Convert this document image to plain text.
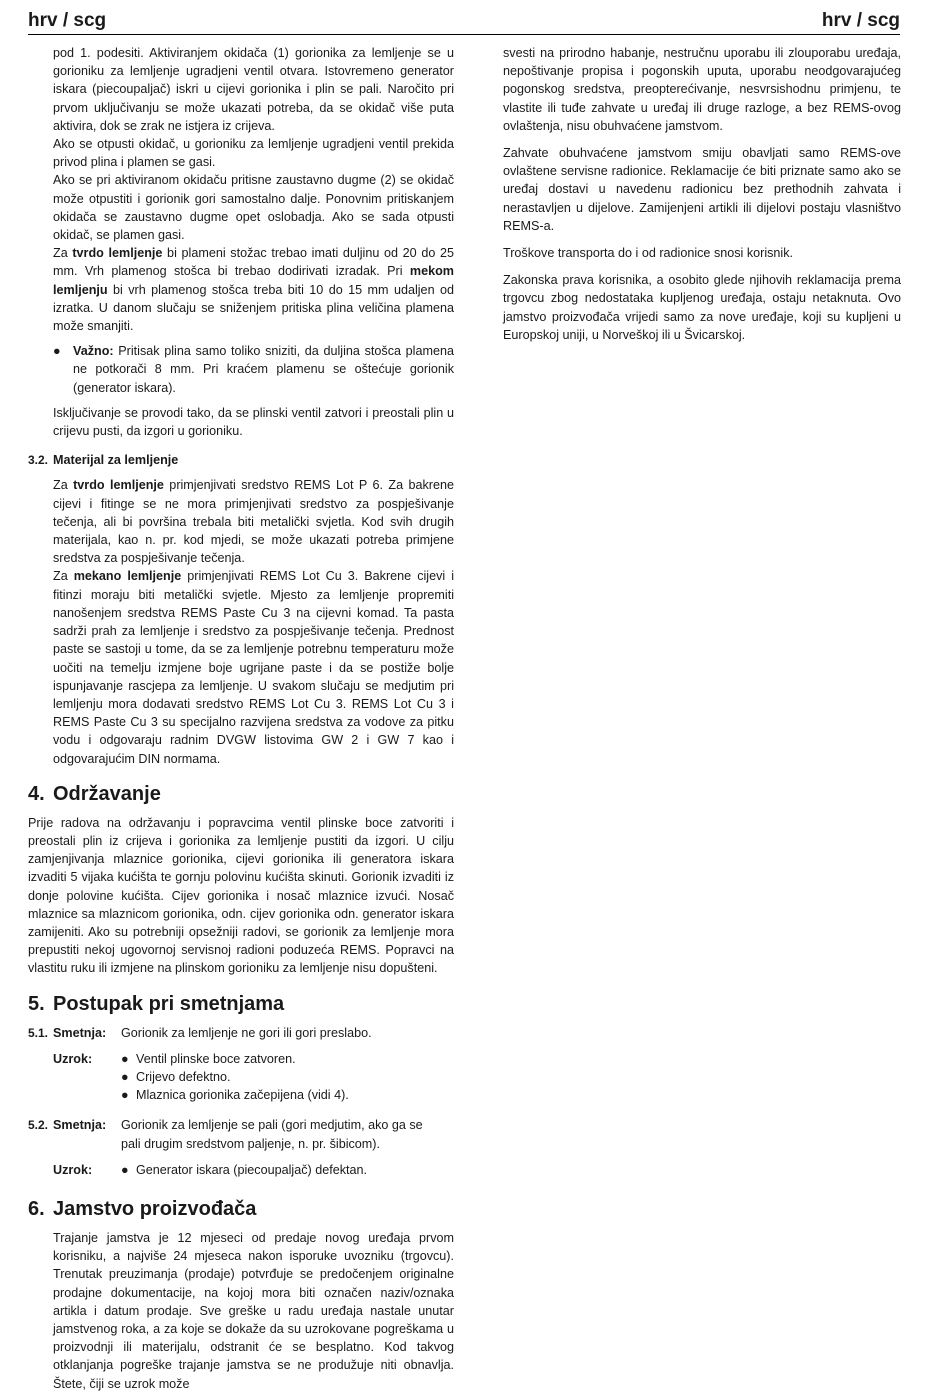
hrv / scg	hrv / scg

pod 1. podesiti. Aktiviranjem okidača (1) gorionika za lemljenje se u gorioniku za lemljenje ugradjeni ventil otvara. Istovremeno generator iskara (piecoupaljač) iskri u cijevi gorionika i plin se pali. Naročito pri prvom uključivanju se može ukazati potreba, da se okidač više puta aktivira, dok se zrak ne istjera iz crijeva.

Ako se otpusti okidač, u gorioniku za lemljenje ugradjeni ventil prekida privod plina i plamen se gasi.

Ako se pri aktiviranom okidaču pritisne zaustavno dugme (2) se okidač može otpustiti i gorionik gori samostalno dalje. Ponovnim pritiskanjem okidača se zaustavno dugme opet oslobadja. Ako se sada otpusti okidač, se plamen gasi.

Za tvrdo lemljenje bi plameni stožac trebao imati duljinu od 20 do 25 mm. Vrh plamenog stošca bi trebao dodirivati izradak. Pri mekom lemljenju bi vrh plamenog stošca treba biti 10 do 15 mm udaljen od izratka. U danom slučaju se sniženjem pritiska plina veličina plamena može smanjiti.

● Važno: Pritisak plina samo toliko sniziti, da duljina stošca plamena ne potkorači 8 mm. Pri kraćem plamenu se oštećuje gorionik (generator iskara).

Isključivanje se provodi tako, da se plinski ventil zatvori i preostali plin u crijevu pusti, da izgori u gorioniku.

3.2. Materijal za lemljenje

Za tvrdo lemljenje primjenjivati sredstvo REMS Lot P 6. Za bakrene cijevi i fitinge se ne mora primjenjivati sredstvo za pospješivanje tečenja, ali bi površina trebala biti metalički svjetla. Kod svih drugih materijala, kao n. pr. kod mjedi, se može ukazati potreba primjene sredstva za pospješivanje tečenja.

Za mekano lemljenje primjenjivati REMS Lot Cu 3. Bakrene cijevi i fitinzi moraju biti metalički svjetle. Mjesto za lemljenje propremiti nanošenjem sredstva REMS Paste Cu 3 na cijevni komad. Ta pasta sadrži prah za lemljenje i sredstvo za pospješivanje tečenja. Prednost paste se sastoji u tome, da se za lemljenje potrebnu temperaturu može uočiti na temelju izmjene boje ugrijane paste i da se postiže bolje ispunjavanje rascjepa za lemljenje. U svakom slučaju se medjutim pri lemljenju mora dodavati sredstvo REMS Lot Cu 3. REMS Lot Cu 3 i REMS Paste Cu 3 su specijalno razvijena sredstva za vodove za pitku vodu i odgovaraju radnim DVGW listovima GW 2 i GW 7 kao i odgovarajućim DIN normama.

4. Održavanje

Prije radova na održavanju i popravcima ventil plinske boce zatvoriti i preostali plin iz crijeva i gorionika za lemljenje pustiti da izgori. U cilju zamjenjivanja mlaznice gorionika, cijevi gorionika ili generatora iskara izvaditi 5 vijaka kućišta te gornju polovinu kućišta skinuti. Gorionik izvaditi iz donje polovine kućišta. Cijev gorionika i nosač mlaznice izvući. Nosač mlaznice sa mlaznicom gorionika, odn. cijev gorionika odn. generator iskara zamijeniti. Ako su potrebniji opsežniji radovi, se gorionik za lemljenje mora prepustiti nekoj ugovornoj servisnoj radioni poduzeća REMS. Popravci na vlastitu ruku ili izmjene na plinskom gorioniku za lemljenje nisu dopušteni.

5. Postupak pri smetnjama
5.1. Smetnja: Gorionik za lemljenje ne gori ili gori preslabo.
Uzrok: ● Ventil plinske boce zatvoren.
● Crijevo defektno.
● Mlaznica gorionika začepijena (vidi 4).
5.2. Smetnja: Gorionik za lemljenje se pali (gori medjutim, ako ga se pali drugim sredstvom paljenje, n. pr. šibicom).
Uzrok: ● Generator iskara (piecoupaljač) defektan.
6. Jamstvo proizvođača

Trajanje jamstva je 12 mjeseci od predaje novog uređaja prvom korisniku, a najviše 24 mjeseca nakon isporuke uvozniku (trgovcu). Trenutak preuzimanja (prodaje) potvrđuje se predočenjem originalne prodajne dokumentacije, na kojoj mora biti označen naziv/oznaka artikla i datum prodaje. Sve greške u radu uređaja nastale unutar jamstvenog roka, a za koje se dokaže da su uzrokovane pogreškama u proizvodnji ili materijalu, odstranit će se besplatno. Kod takvog otklanjanja pogreške trajanje jamstva se ne produžuje niti obnavlja. Štete, čiji se uzrok može

svesti na prirodno habanje, nestručnu uporabu ili zlouporabu uređaja, nepoštivanje propisa i pogonskih uputa, uporabu neodgovarajućeg pogonskog sredstva, preopterećivanje, nesvrsishodnu primjenu, te vlastite ili tuđe zahvate u uređaj ili druge razloge, a bez REMS-ovog ovlaštenja, nisu obuhvaćene jamstvom.

Zahvate obuhvaćene jamstvom smiju obavljati samo REMS-ove ovlaštene servisne radionice. Reklamacije će biti priznate samo ako se uređaj dostavi u navedenu radionicu bez prethodnih zahvata i nerastavljen u dijelove. Zamijenjeni artikli ili dijelovi postaju vlasništvo REMS-a.

Troškove transporta do i od radionice snosi korisnik.

Zakonska prava korisnika, a osobito glede njihovih reklamacija prema trgovcu zbog nedostataka kupljenog uređaja, ostaju netaknuta. Ovo jamstvo proizvođača vrijedi samo za nove uređaje, koji su kupljeni u Europskoj uniji, u Norveškoj ili u Švicarskoj.
